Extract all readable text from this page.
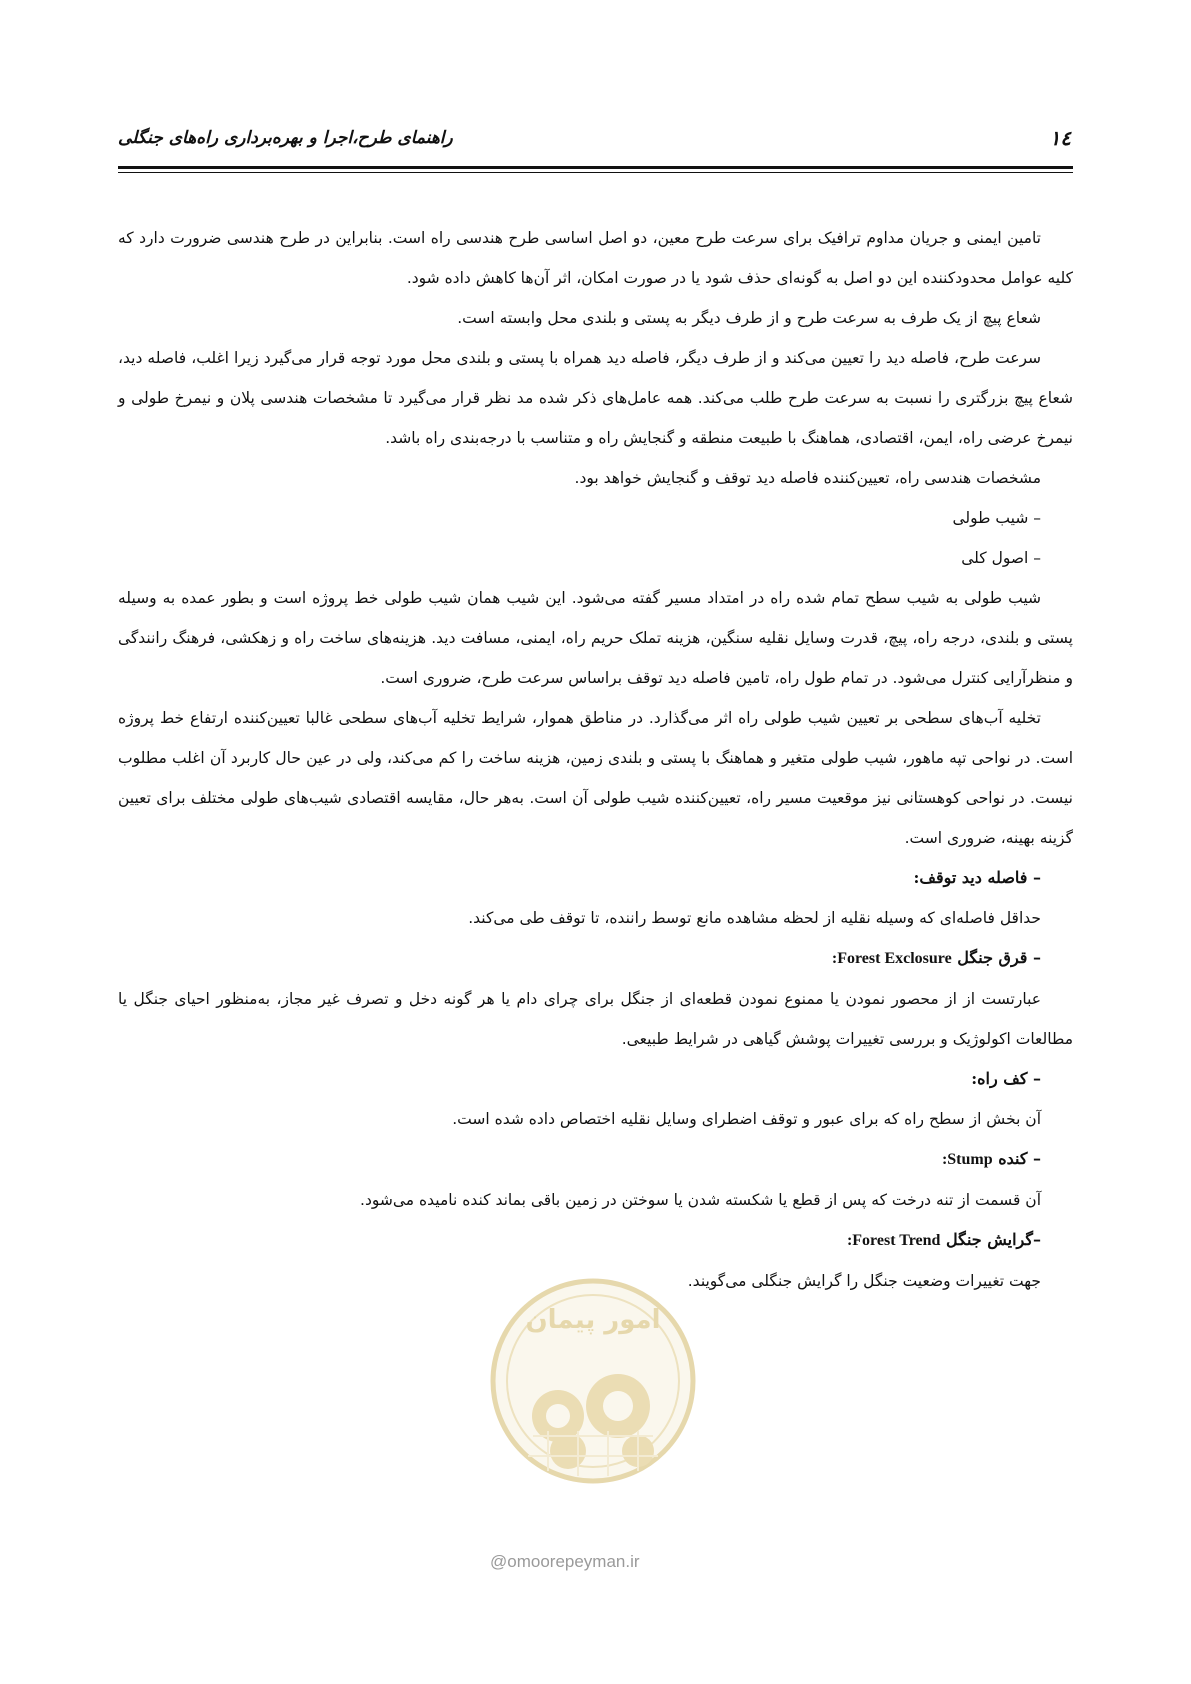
راهنمای طرح،اجرا و بهره‌برداری راه‌های جنگلی	۱٤

تامین ایمنی و جریان مداوم ترافیک برای سرعت طرح معین، دو اصل اساسی طرح هندسی راه است. بنابراین در طرح هندسی ضرورت دارد که کلیه عوامل محدودکننده این دو اصل به گونه‌ای حذف شود یا در صورت امکان، اثر آن‌ها کاهش داده شود.

شعاع پیچ از یک طرف به سرعت طرح و از طرف دیگر به پستی و بلندی محل وابسته است.

سرعت طرح، فاصله دید را تعیین می‌کند و از طرف دیگر، فاصله دید همراه با پستی و بلندی محل مورد توجه قرار می‌گیرد زیرا اغلب، فاصله دید، شعاع پیچ بزرگتری را نسبت به سرعت طرح طلب می‌کند. همه عامل‌های ذکر شده مد نظر قرار می‌گیرد تا مشخصات هندسی پلان و نیمرخ طولی و نیمرخ عرضی راه، ایمن، اقتصادی، هماهنگ با طبیعت منطقه و گنجایش راه و متناسب با درجه‌بندی راه باشد.

مشخصات هندسی راه، تعیین‌کننده فاصله دید توقف و گنجایش خواهد بود.

– شیب طولی

– اصول کلی

شیب طولی به شیب سطح تمام شده راه در امتداد مسیر گفته می‌شود. این شیب همان شیب طولی خط پروژه است و بطور عمده به وسیله پستی و بلندی، درجه راه، پیچ، قدرت وسایل نقلیه سنگین، هزینه تملک حریم راه، ایمنی، مسافت دید. هزینه‌های ساخت راه و زهکشی، فرهنگ رانندگی و منظرآرایی کنترل می‌شود. در تمام طول راه، تامین فاصله دید توقف براساس سرعت طرح، ضروری است.

تخلیه آب‌های سطحی بر تعیین شیب طولی راه اثر می‌گذارد. در مناطق هموار، شرایط تخلیه آب‌های سطحی غالبا تعیین‌کننده ارتفاع خط پروژه است. در نواحی تپه ماهور، شیب طولی متغیر و هماهنگ با پستی و بلندی زمین، هزینه ساخت را کم می‌کند، ولی در عین حال کاربرد آن اغلب مطلوب نیست. در نواحی کوهستانی نیز موقعیت مسیر راه، تعیین‌کننده شیب طولی آن است. به‌هر حال، مقایسه اقتصادی شیب‌های طولی مختلف برای تعیین گزینه بهینه، ضروری است.

– فاصله دید توقف:

حداقل فاصله‌ای که وسیله نقلیه از لحظه مشاهده مانع توسط راننده، تا توقف طی می‌کند.

– قرق جنگل Forest Exclosure:

عبارتست از از محصور نمودن یا ممنوع نمودن قطعه‌ای از جنگل برای چرای دام یا هر گونه دخل و تصرف غیر مجاز، به‌منظور احیای جنگل یا مطالعات اکولوژیک و بررسی تغییرات پوشش گیاهی در شرایط طبیعی.

– کف راه:

آن بخش از سطح راه که برای عبور و توقف اضطرای وسایل نقلیه اختصاص داده شده است.

– کنده Stump:

آن قسمت از تنه درخت که پس از قطع یا شکسته شدن یا سوختن در زمین باقی بماند کنده نامیده می‌شود.

–گرایش جنگل Forest Trend:

جهت تغییرات وضعیت جنگل را گرایش جنگلی می‌گویند.

امور پیمان
@omoorepeyman.ir
